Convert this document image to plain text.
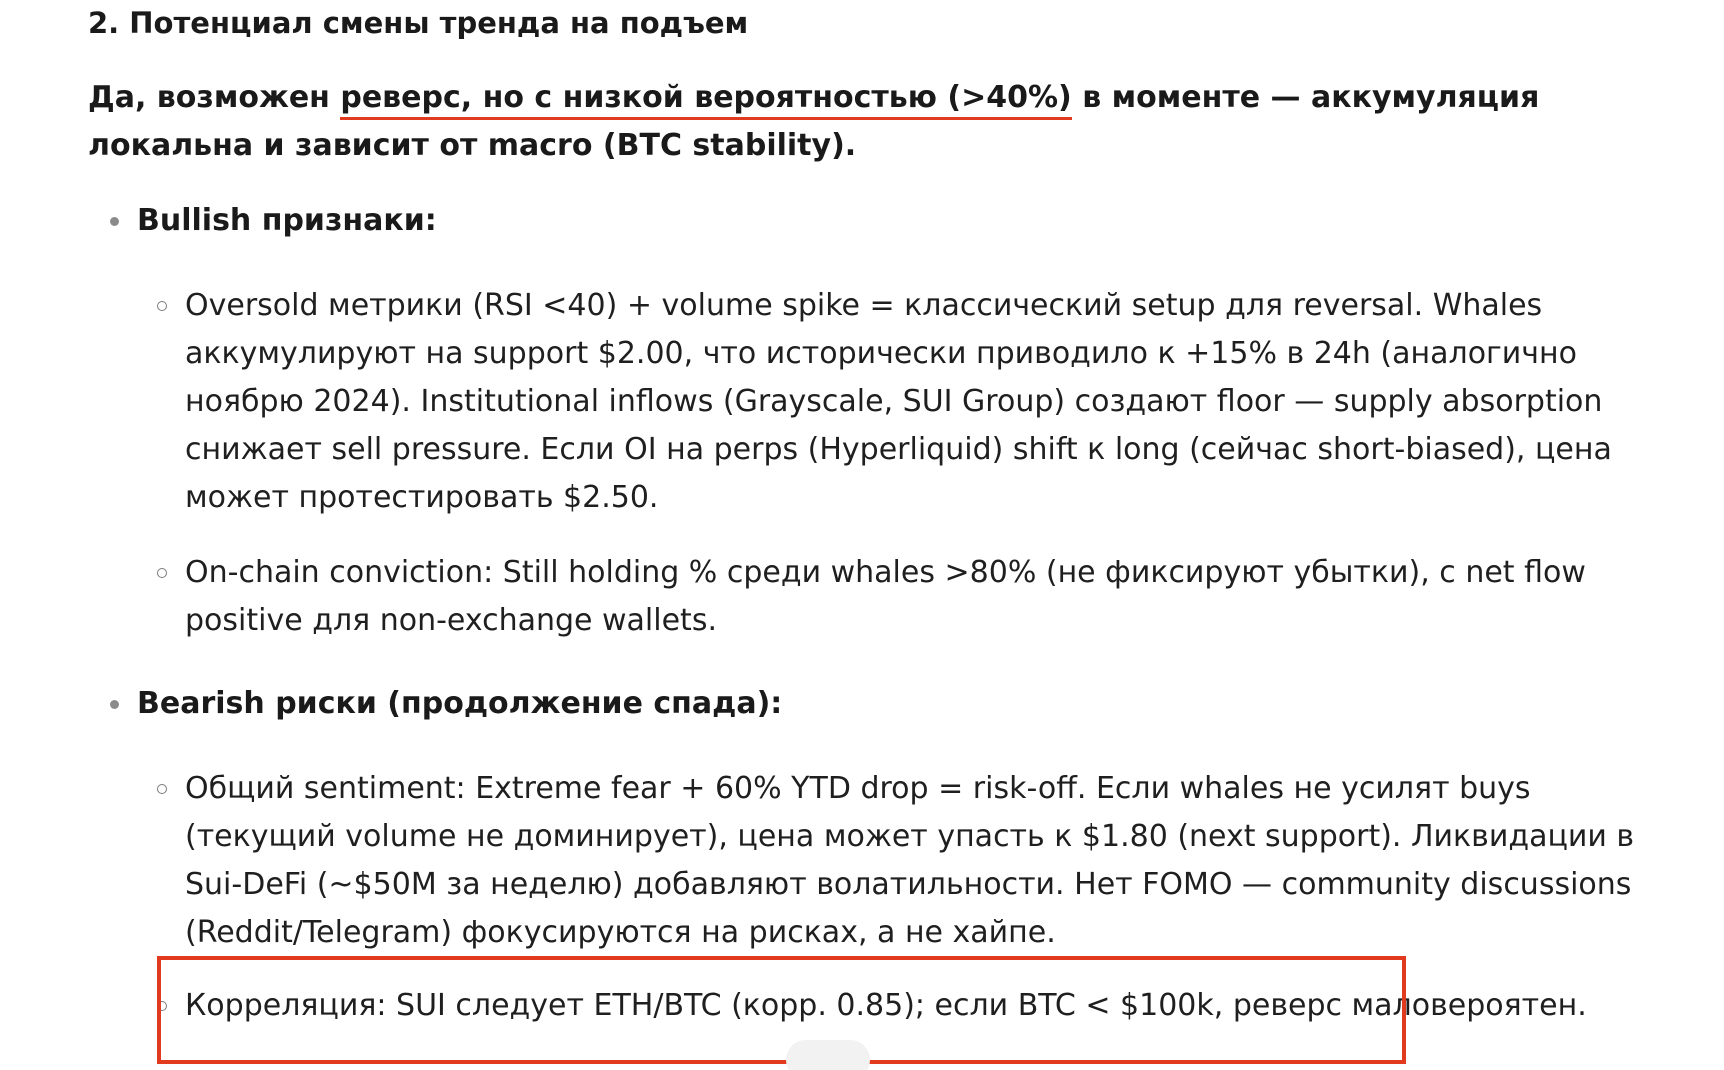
2. Потенциал смены тренда на подъем
Да, возможен реверс, но с низкой вероятностью (>40%) в моменте — аккумуляция локальна и зависит от macro (BTC stability).
Bullish признаки:
Oversold метрики (RSI <40) + volume spike = классический setup для reversal. Whales аккумулируют на support $2.00, что исторически приводило к +15% в 24h (аналогично ноябрю 2024). Institutional inflows (Grayscale, SUI Group) создают floor — supply absorption снижает sell pressure. Если OI на perps (Hyperliquid) shift к long (сейчас short-biased), цена может протестировать $2.50.
On-chain conviction: Still holding % среди whales >80% (не фиксируют убытки), с net flow positive для non-exchange wallets.
Bearish риски (продолжение спада):
Общий sentiment: Extreme fear + 60% YTD drop = risk-off. Если whales не усилят buys (текущий volume не доминирует), цена может упасть к $1.80 (next support). Ликвидации в Sui-DeFi (~$50M за неделю) добавляют волатильности. Нет FOMO — community discussions (Reddit/Telegram) фокусируются на рисках, а не хайпе.
Корреляция: SUI следует ETH/BTC (корр. 0.85); если BTC < $100k, реверс маловероятен.
